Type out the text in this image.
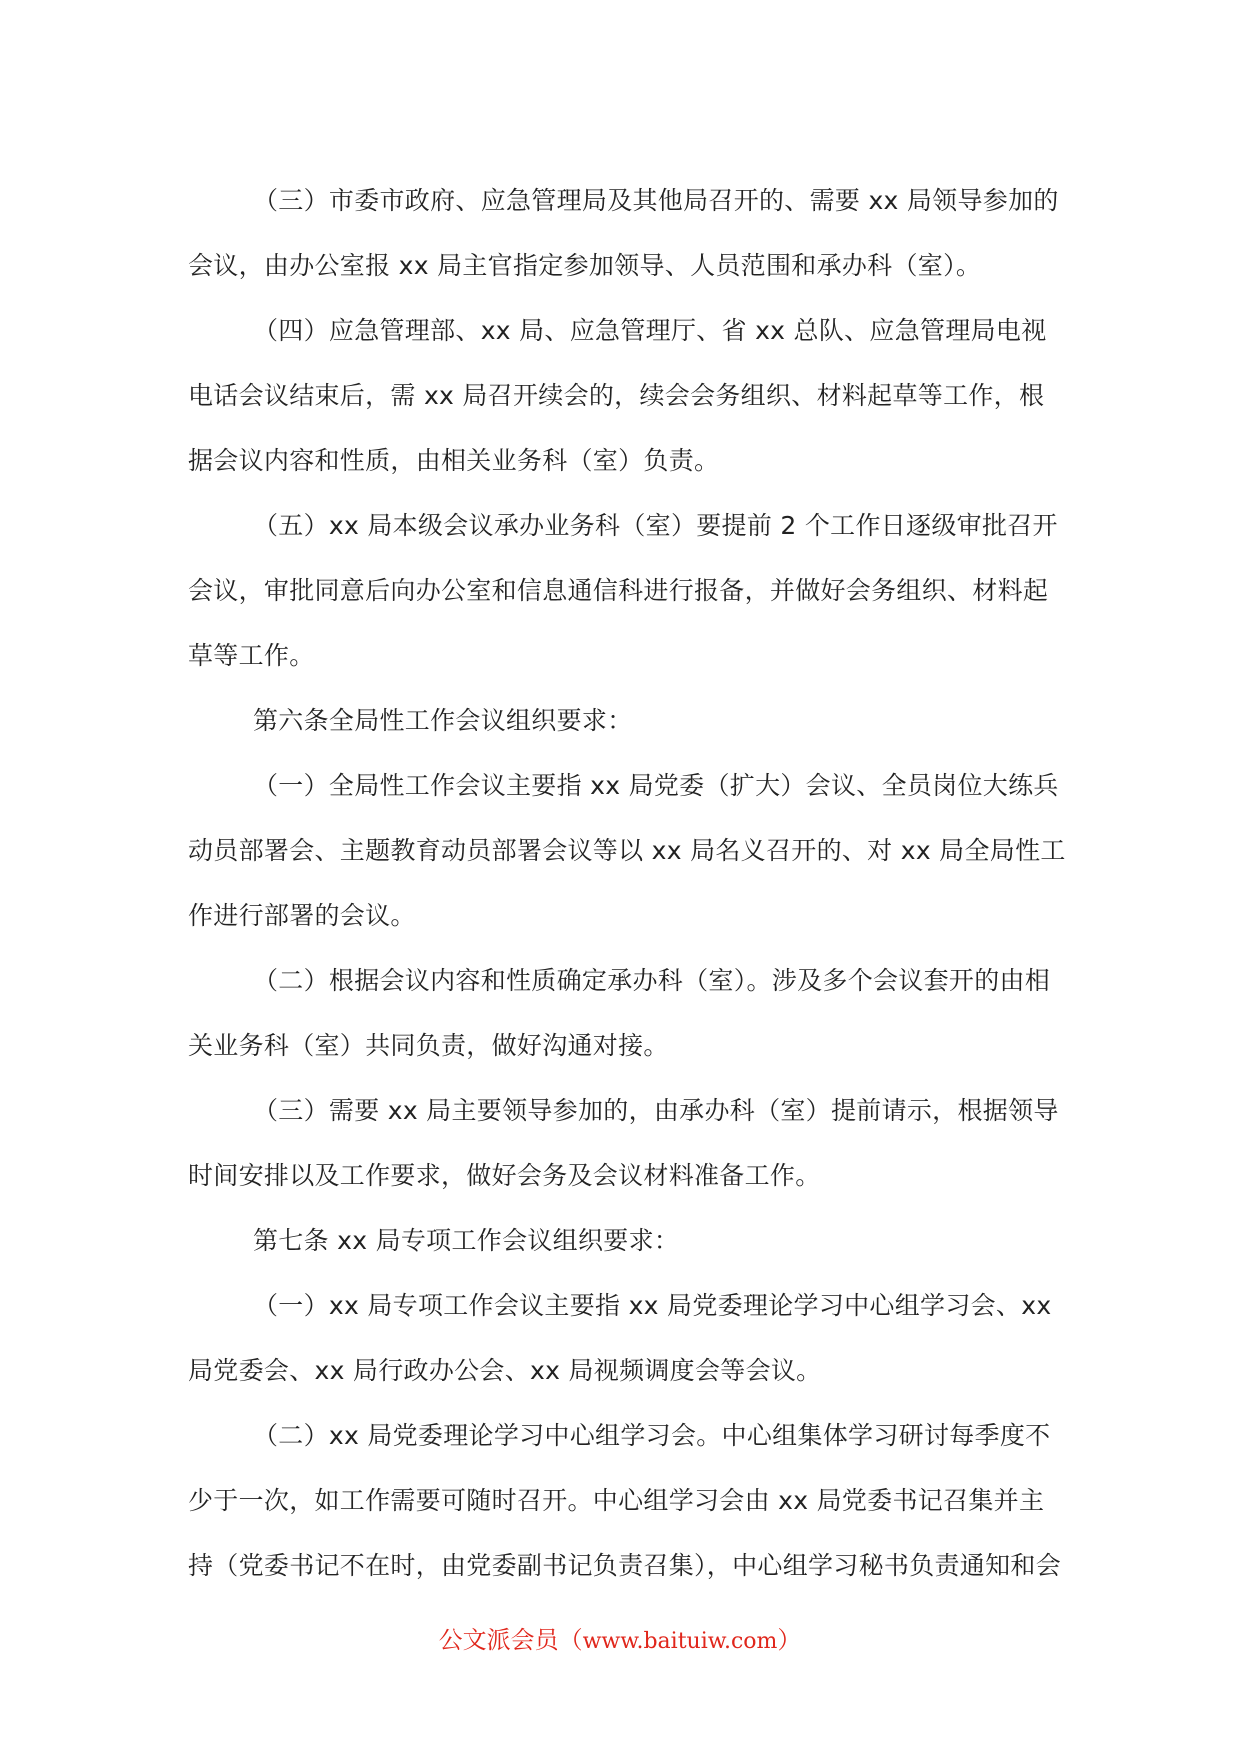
（三）市委市政府、应急管理局及其他局召开的、需要 xx 局领导参加的会议，由办公室报 xx 局主官指定参加领导、人员范围和承办科（室）。

（四）应急管理部、xx 局、应急管理厅、省 xx 总队、应急管理局电视电话会议结束后，需 xx 局召开续会的，续会会务组织、材料起草等工作，根据会议内容和性质，由相关业务科（室）负责。

（五）xx 局本级会议承办业务科（室）要提前 2 个工作日逐级审批召开会议，审批同意后向办公室和信息通信科进行报备，并做好会务组织、材料起草等工作。

第六条全局性工作会议组织要求：

（一）全局性工作会议主要指 xx 局党委（扩大）会议、全员岗位大练兵动员部署会、主题教育动员部署会议等以 xx 局名义召开的、对 xx 局全局性工作进行部署的会议。

（二）根据会议内容和性质确定承办科（室）。涉及多个会议套开的由相关业务科（室）共同负责，做好沟通对接。

（三）需要 xx 局主要领导参加的，由承办科（室）提前请示，根据领导时间安排以及工作要求，做好会务及会议材料准备工作。

第七条 xx 局专项工作会议组织要求：

（一）xx 局专项工作会议主要指 xx 局党委理论学习中心组学习会、xx 局党委会、xx 局行政办公会、xx 局视频调度会等会议。

（二）xx 局党委理论学习中心组学习会。中心组集体学习研讨每季度不少于一次，如工作需要可随时召开。中心组学习会由 xx 局党委书记召集并主持（党委书记不在时，由党委副书记负责召集），中心组学习秘书负责通知和会

公文派会员（www.baituiw.com）
